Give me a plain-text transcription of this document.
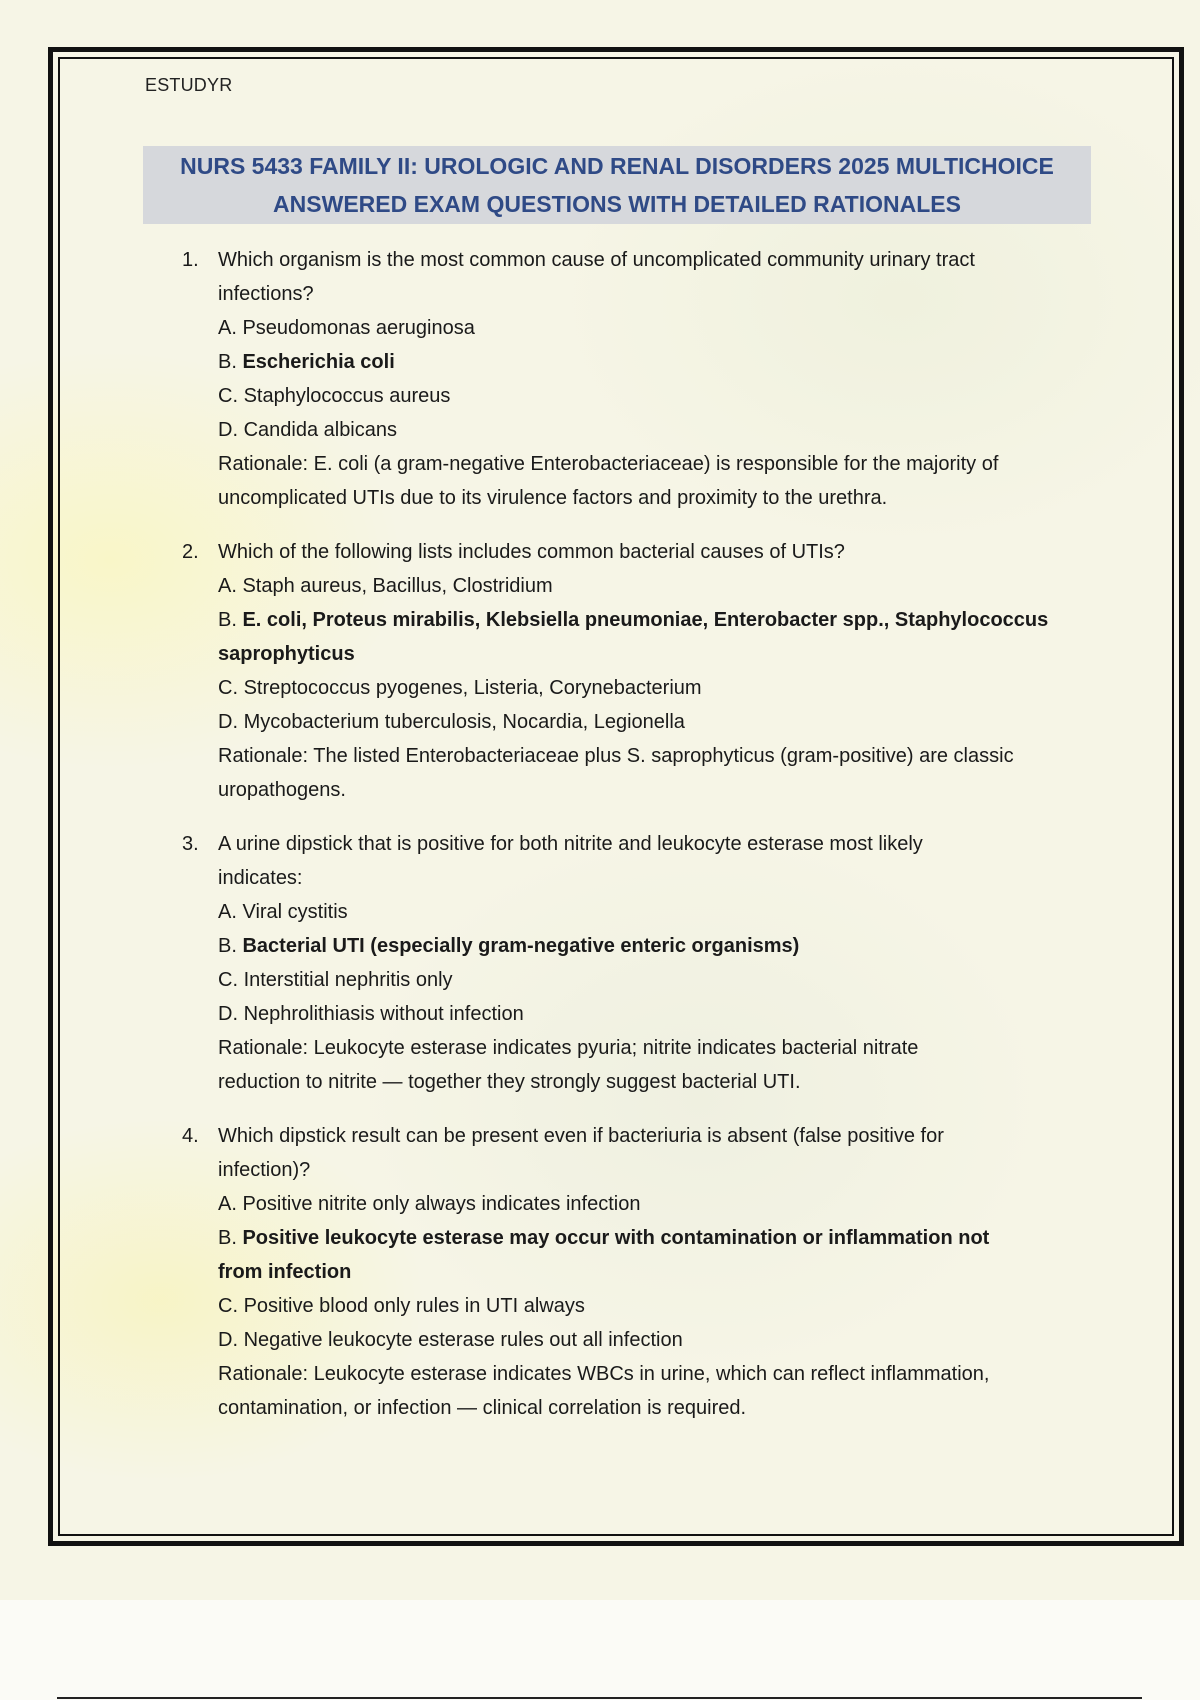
ESTUDYR
NURS 5433 FAMILY II: UROLOGIC AND RENAL DISORDERS 2025 MULTICHOICE
ANSWERED EXAM QUESTIONS WITH DETAILED RATIONALES
1. Which organism is the most common cause of uncomplicated community urinary tract
infections?
A. Pseudomonas aeruginosa
B. Escherichia coli
C. Staphylococcus aureus
D. Candida albicans
Rationale: E. coli (a gram-negative Enterobacteriaceae) is responsible for the majority of
uncomplicated UTIs due to its virulence factors and proximity to the urethra.
2. Which of the following lists includes common bacterial causes of UTIs?
A. Staph aureus, Bacillus, Clostridium
B. E. coli, Proteus mirabilis, Klebsiella pneumoniae, Enterobacter spp., Staphylococcus
saprophyticus
C. Streptococcus pyogenes, Listeria, Corynebacterium
D. Mycobacterium tuberculosis, Nocardia, Legionella
Rationale: The listed Enterobacteriaceae plus S. saprophyticus (gram-positive) are classic
uropathogens.
3. A urine dipstick that is positive for both nitrite and leukocyte esterase most likely
indicates:
A. Viral cystitis
B. Bacterial UTI (especially gram-negative enteric organisms)
C. Interstitial nephritis only
D. Nephrolithiasis without infection
Rationale: Leukocyte esterase indicates pyuria; nitrite indicates bacterial nitrate
reduction to nitrite — together they strongly suggest bacterial UTI.
4. Which dipstick result can be present even if bacteriuria is absent (false positive for
infection)?
A. Positive nitrite only always indicates infection
B. Positive leukocyte esterase may occur with contamination or inflammation not
from infection
C. Positive blood only rules in UTI always
D. Negative leukocyte esterase rules out all infection
Rationale: Leukocyte esterase indicates WBCs in urine, which can reflect inflammation,
contamination, or infection — clinical correlation is required.
